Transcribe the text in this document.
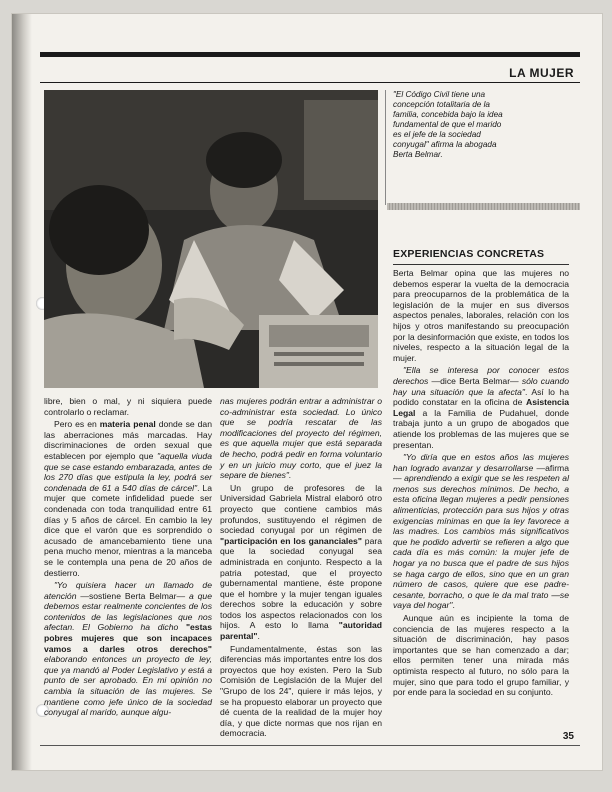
LA MUJER
"El Código Civil tiene una concepción totalitaria de la familia, concebida bajo la idea fundamental de que el marido es el jefe de la sociedad conyugal" afirma la abogada Berta Belmar.
EXPERIENCIAS CONCRETAS

libre, bien o mal, y ni siquiera puede controlarlo o reclamar.

Pero es en materia penal donde se dan las aberraciones más marcadas. Hay discriminaciones de orden sexual que establecen por ejemplo que "aquella viuda que se case estando embarazada, antes de los 270 días que estipula la ley, podrá ser condenada de 61 a 540 días de cárcel". La mujer que comete infidelidad puede ser condenada con toda tranquilidad entre 61 días y 5 años de cárcel. En cambio la ley dice que el varón que es sorprendido o acusado de amancebamiento tiene una pena mucho menor, mientras a la manceba se le contempla una pena de 20 años de destierro.

"Yo quisiera hacer un llamado de atención —sostiene Berta Belmar— a que debemos estar realmente concientes de los contenidos de las legislaciones que nos afectan. El Gobierno ha dicho "estas pobres mujeres que son incapaces vamos a darles otros derechos" elaborando entonces un proyecto de ley, que ya mandó al Poder Legislativo y está a punto de ser aprobado. En mi opinión no cambia la situación de las mujeres. Se mantiene como jefe único de la sociedad conyugal al marido, aunque algu-

nas mujeres podrán entrar a administrar o co-administrar esta sociedad. Lo único que se podría rescatar de las modificaciones del proyecto del régimen, es que aquella mujer que está separada de hecho, podrá pedir en forma voluntario y en un juicio muy corto, que el juez la separe de bienes".

Un grupo de profesores de la Universidad Gabriela Mistral elaboró otro proyecto que contiene cambios más profundos, sustituyendo el régimen de sociedad conyugal por un régimen de "participación en los gananciales" para que la sociedad conyugal sea administrada en conjunto. Respecto a la patria potestad, que el proyecto gubernamental mantiene, éste propone que el hombre y la mujer tengan iguales derechos sobre la educación y sobre todos los aspectos relacionados con los hijos. A esto lo llama "autoridad parental".

Fundamentalmente, éstas son las diferencias más importantes entre los dos proyectos que hoy existen. Pero la Sub Comisión de Legislación de la Mujer del "Grupo de los 24", quiere ir más lejos, y se ha propuesto elaborar un proyecto que dé cuenta de la realidad de la mujer hoy día, y que dicte normas que nos rijan en democracia.

Berta Belmar opina que las mujeres no debemos esperar la vuelta de la democracia para preocuparnos de la problemática de la legislación de la mujer en sus diversos aspectos penales, laborales, relación con los hijos y otros manifestando su preocupación por la desinformación que existe, en todos los niveles, respecto a la situación legal de la mujer.

"Ella se interesa por conocer estos derechos —dice Berta Belmar— sólo cuando hay una situación que la afecta". Así lo ha podido constatar en la oficina de Asistencia Legal a la Familia de Pudahuel, donde trabaja junto a un grupo de abogados que atiende los problemas de las mujeres que se presentan.

"Yo diría que en estos años las mujeres han logrado avanzar y desarrollarse —afirma— aprendiendo a exigir que se les respeten al menos sus derechos mínimos. De hecho, a esta oficina llegan mujeres a pedir pensiones alimenticias, protección para sus hijos y otras exigencias mínimas en que la ley favorece a las madres. Los cambios más significativos que he podido advertir se refieren a algo que cada día es más común: la mujer jefe de hogar ya no busca que el padre de sus hijos se haga cargo de ellos, sino que en un gran número de casos, quiere que ese padre-cesante, borracho, o que le da mal trato —se vaya del hogar".

Aunque aún es incipiente la toma de conciencia de las mujeres respecto a la situación de discriminación, hay pasos importantes que se han comenzado a dar; ellos permiten tener una mirada más optimista respecto al futuro, no sólo para la mujer, sino que para todo el grupo familiar, y por ende para la sociedad en su conjunto.

35
